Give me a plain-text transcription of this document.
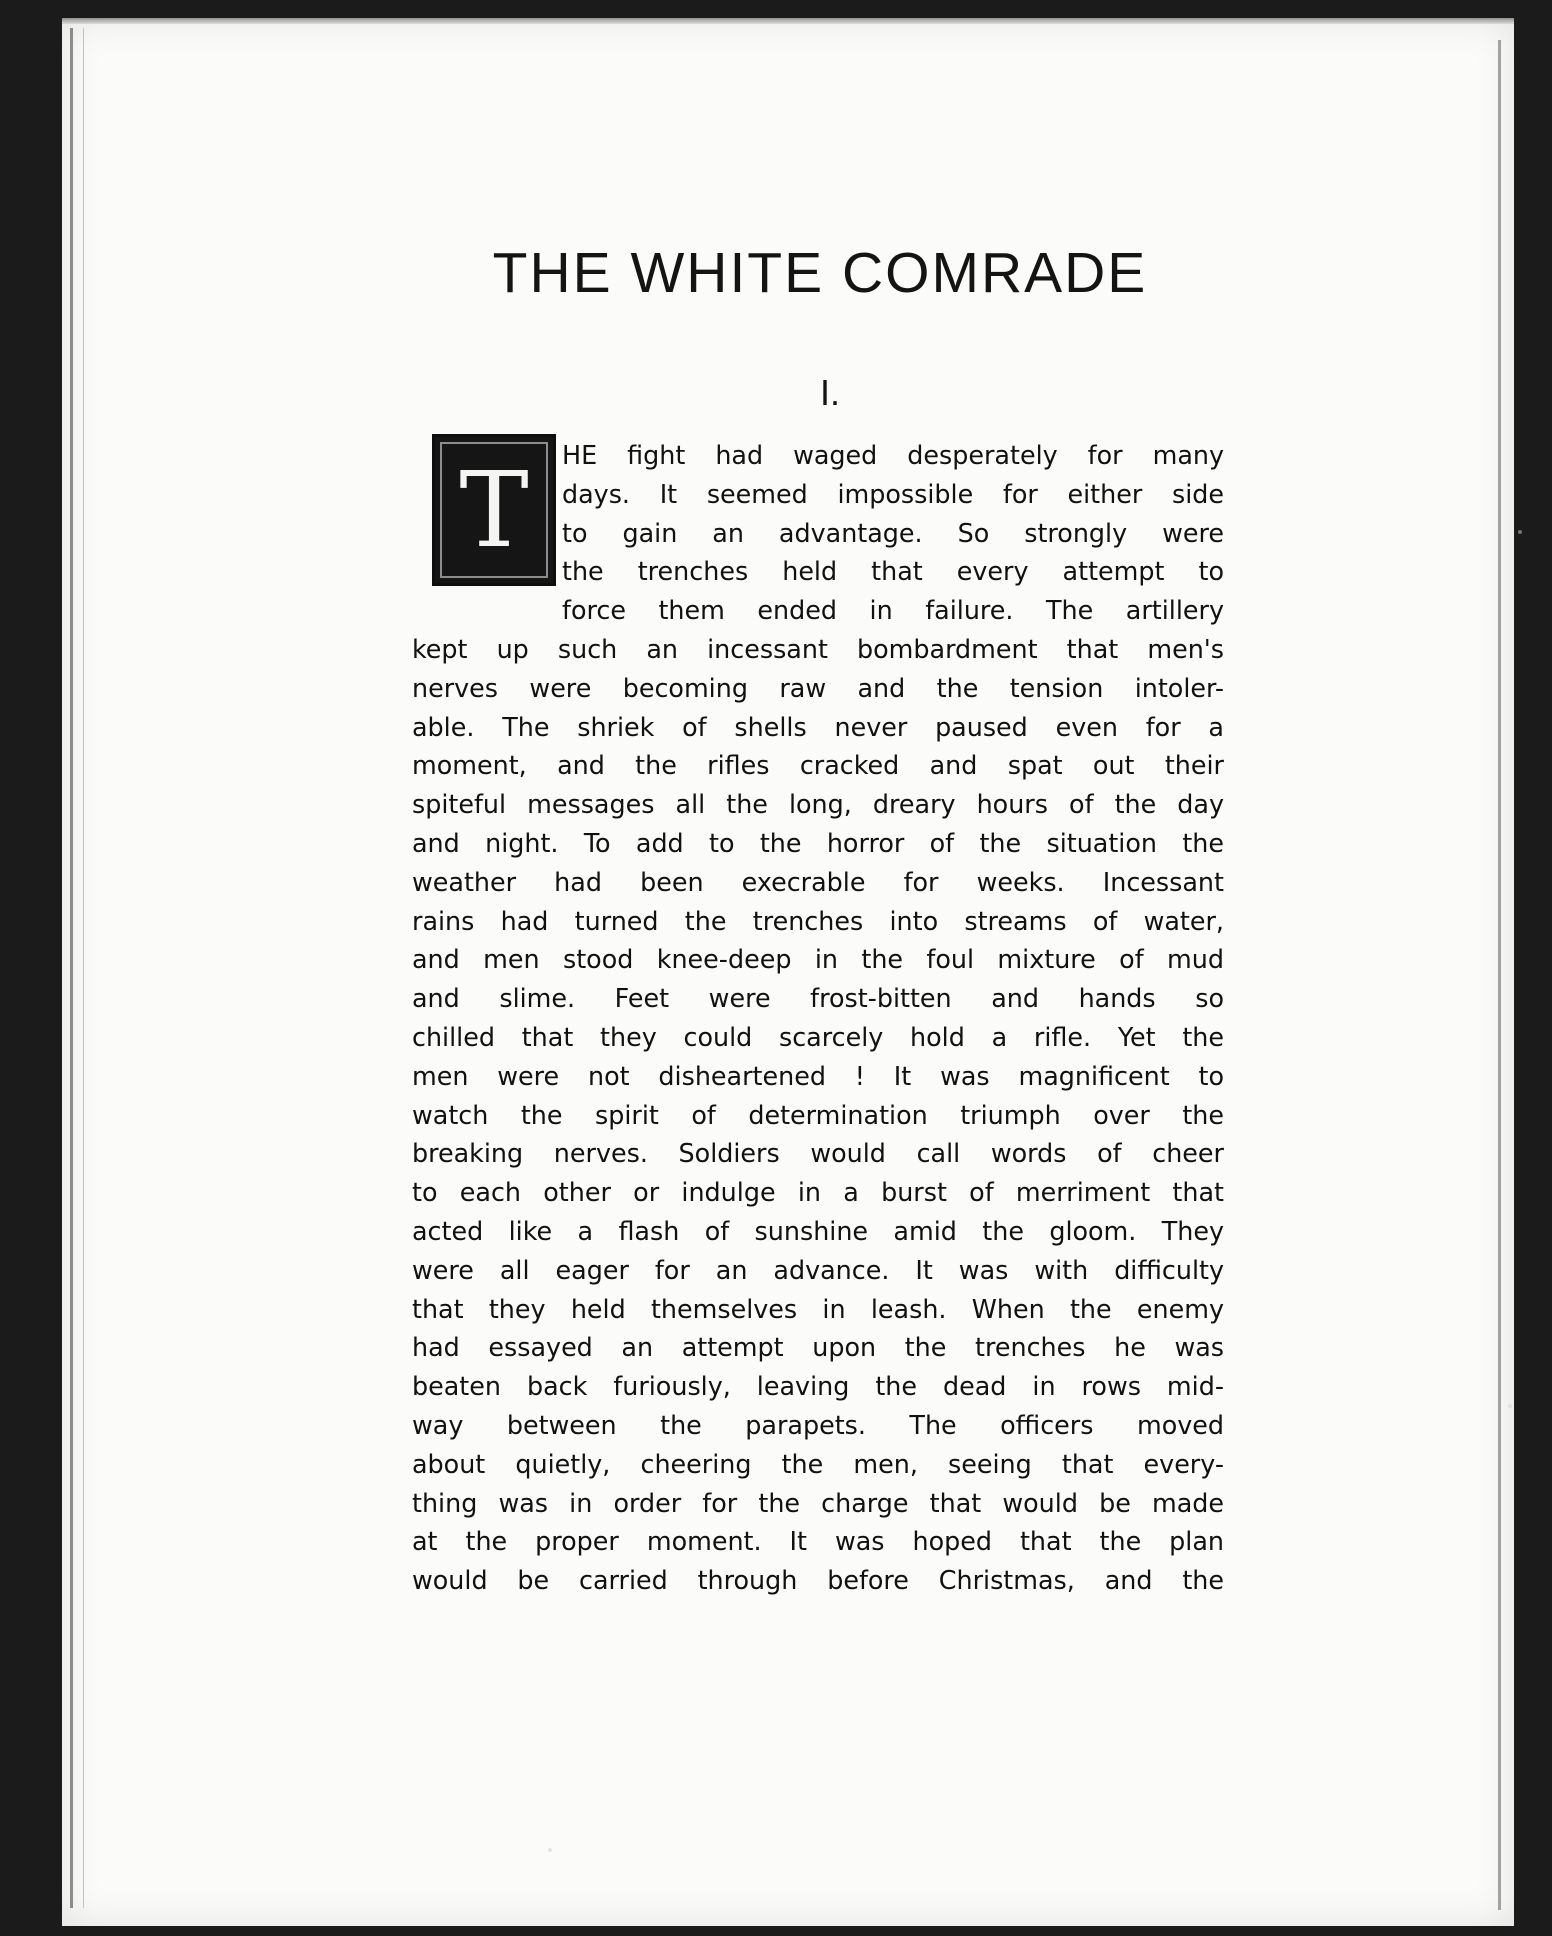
THE WHITE COMRADE
I.
T	HE fight had waged desperately for many
days. It seemed impossible for either side
to gain an advantage. So strongly were
the trenches held that every attempt to
force them ended in failure. The artillery
kept up such an incessant bombardment that men's
nerves were becoming raw and the tension intoler-
able. The shriek of shells never paused even for a
moment, and the rifles cracked and spat out their
spiteful messages all the long, dreary hours of the day
and night. To add to the horror of the situation the
weather had been execrable for weeks. Incessant
rains had turned the trenches into streams of water,
and men stood knee-deep in the foul mixture of mud
and slime. Feet were frost-bitten and hands so
chilled that they could scarcely hold a rifle. Yet the
men were not disheartened ! It was magnificent to
watch the spirit of determination triumph over the
breaking nerves. Soldiers would call words of cheer
to each other or indulge in a burst of merriment that
acted like a flash of sunshine amid the gloom. They
were all eager for an advance. It was with difficulty
that they held themselves in leash. When the enemy
had essayed an attempt upon the trenches he was
beaten back furiously, leaving the dead in rows mid-
way between the parapets. The officers moved
about quietly, cheering the men, seeing that every-
thing was in order for the charge that would be made
at the proper moment. It was hoped that the plan
would be carried through before Christmas, and the
